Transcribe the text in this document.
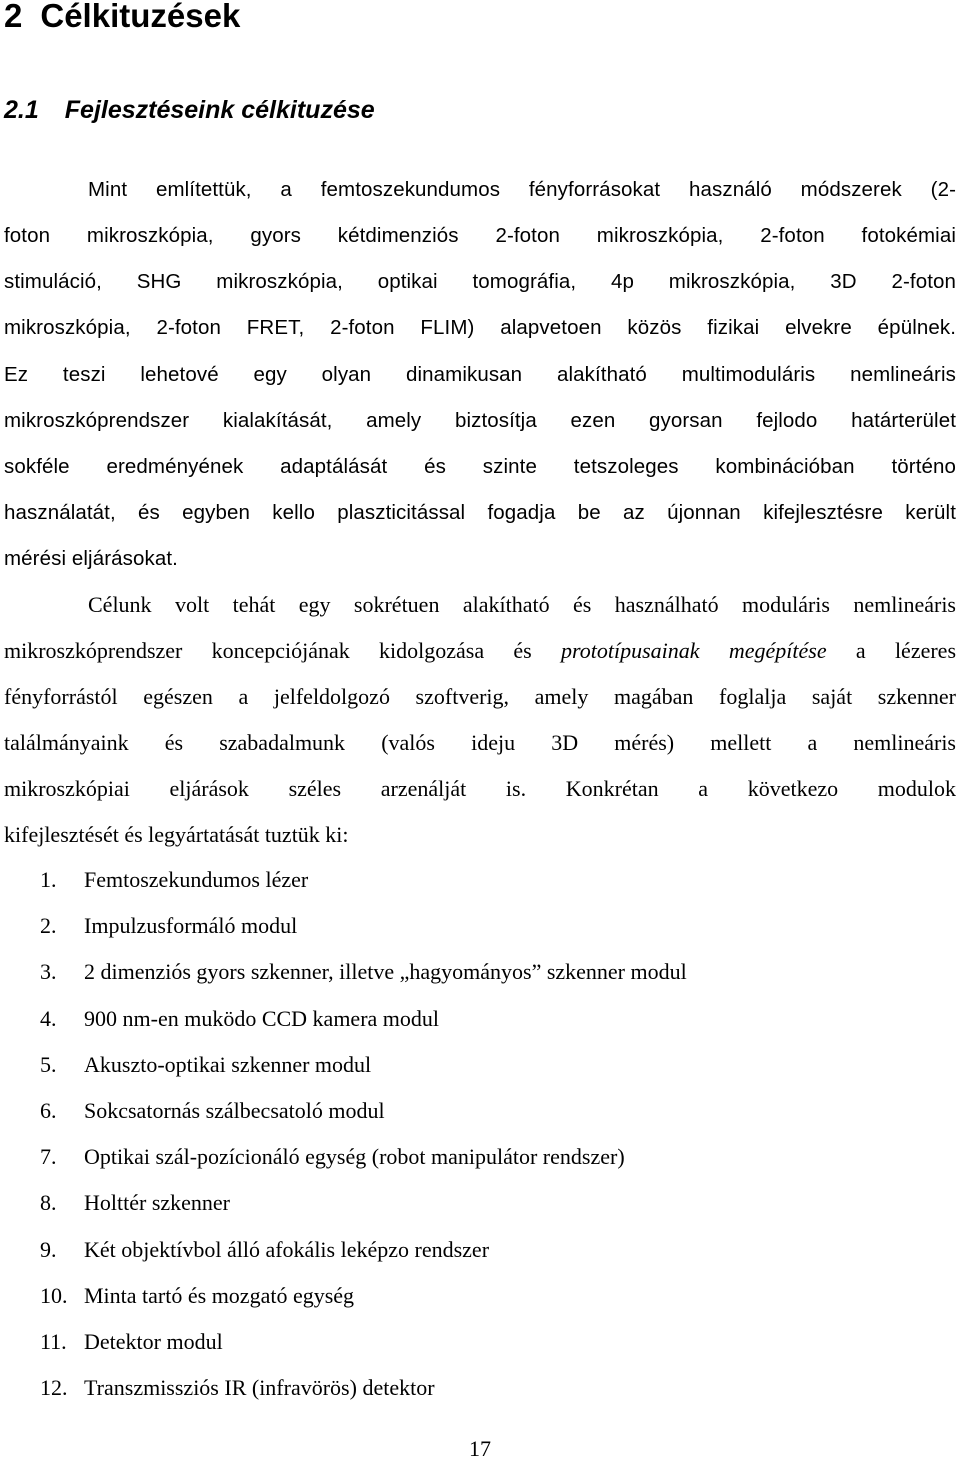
2 Célkituzések
2.1 Fejlesztéseink célkituzése
Mint említettük, a femtoszekundumos fényforrásokat használó módszerek (2-
foton mikroszkópia, gyors kétdimenziós 2-foton mikroszkópia, 2-foton fotokémiai
stimuláció, SHG mikroszkópia, optikai tomográfia, 4p mikroszkópia, 3D 2-foton
mikroszkópia, 2-foton FRET, 2-foton FLIM) alapvetoen közös fizikai elvekre épülnek.
Ez teszi lehetové egy olyan dinamikusan alakítható multimoduláris nemlineáris
mikroszkóprendszer kialakítását, amely biztosítja ezen gyorsan fejlodo határterület
sokféle eredményének adaptálását és szinte tetszoleges kombinációban történo
használatát, és egyben kello plaszticitással fogadja be az újonnan kifejlesztésre került
mérési eljárásokat.
Célunk volt tehát egy sokrétuen alakítható és használható moduláris nemlineáris
mikroszkóprendszer koncepciójának kidolgozása és prototípusainak megépítése a lézeres
fényforrástól egészen a jelfeldolgozó szoftverig, amely magában foglalja saját szkenner
találmányaink és szabadalmunk (valós ideju 3D mérés) mellett a nemlineáris
mikroszkópiai eljárások széles arzenálját is. Konkrétan a következo modulok
kifejlesztését és legyártatását tuztük ki:
1.	Femtoszekundumos lézer
2.	Impulzusformáló modul
3.	2 dimenziós gyors szkenner, illetve „hagyományos” szkenner modul
4.	900 nm-en muködo CCD kamera modul
5.	Akuszto-optikai szkenner modul
6.	Sokcsatornás szálbecsatoló modul
7.	Optikai szál-pozícionáló egység (robot manipulátor rendszer)
8.	Holttér szkenner
9.	Két objektívbol álló afokális leképzo rendszer
10. Minta tartó és mozgató egység
11. Detektor modul
12. Transzmissziós IR (infravörös) detektor
17
